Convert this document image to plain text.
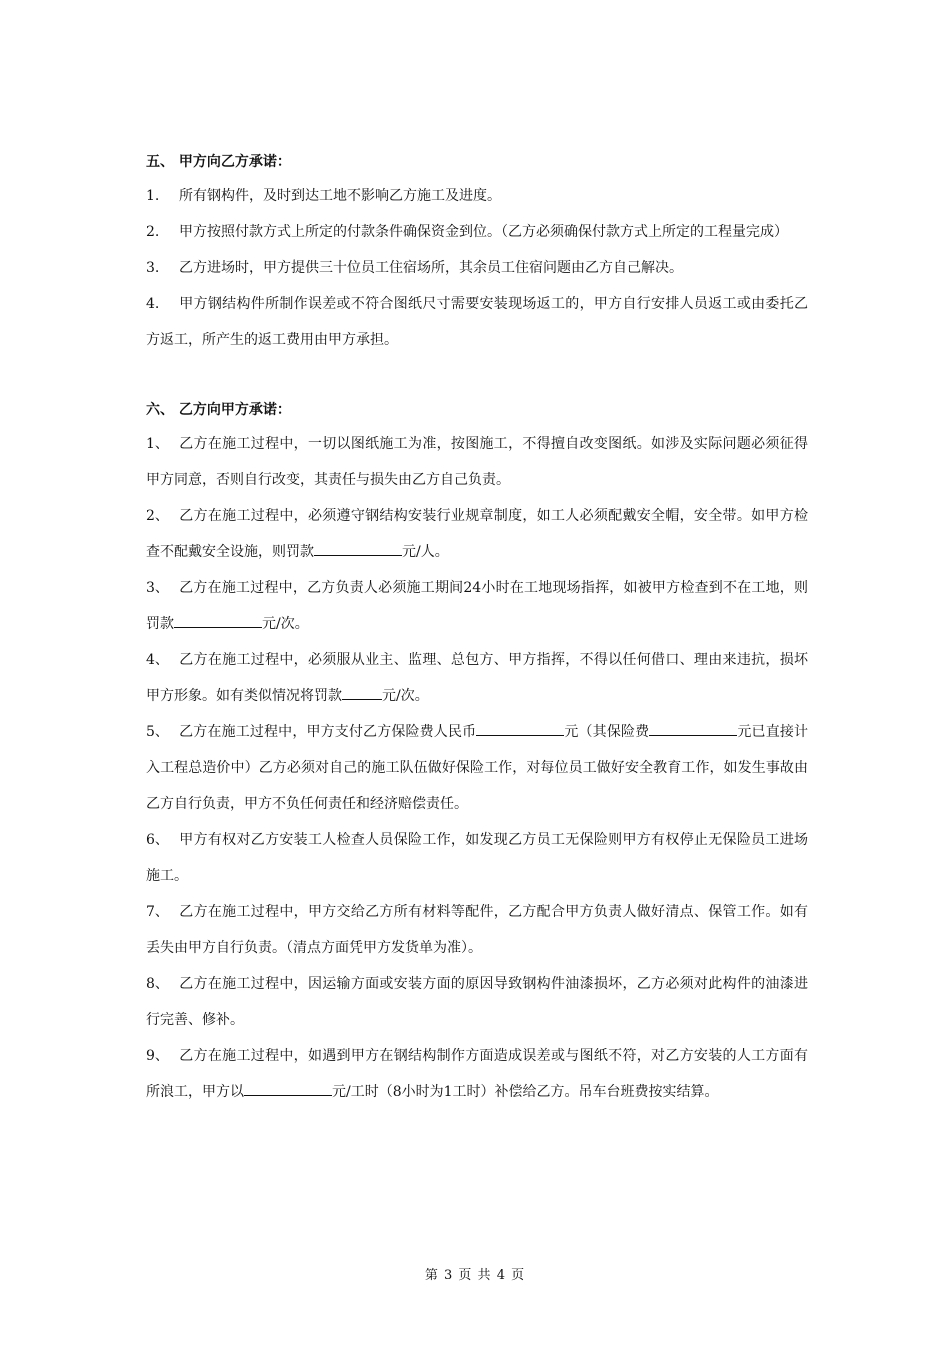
五、 甲方向乙方承诺：

1. 所有钢构件，及时到达工地不影响乙方施工及进度。

2. 甲方按照付款方式上所定的付款条件确保资金到位。（乙方必须确保付款方式上所定的工程量完成）

3. 乙方进场时，甲方提供三十位员工住宿场所，其余员工住宿问题由乙方自己解决。

4. 甲方钢结构件所制作误差或不符合图纸尺寸需要安装现场返工的，甲方自行安排人员返工或由委托乙方返工，所产生的返工费用由甲方承担。

六、 乙方向甲方承诺：

1、 乙方在施工过程中，一切以图纸施工为准，按图施工，不得擅自改变图纸。如涉及实际问题必须征得甲方同意，否则自行改变，其责任与损失由乙方自己负责。

2、 乙方在施工过程中，必须遵守钢结构安装行业规章制度，如工人必须配戴安全帽，安全带。如甲方检查不配戴安全设施，则罚款	元/人。

3、 乙方在施工过程中，乙方负责人必须施工期间24小时在工地现场指挥，如被甲方检查到不在工地，则罚款	元/次。

4、 乙方在施工过程中，必须服从业主、监理、总包方、甲方指挥，不得以任何借口、理由来违抗，损坏甲方形象。如有类似情况将罚款	元/次。

5、 乙方在施工过程中，甲方支付乙方保险费人民币	元（其保险费	元已直接计入工程总造价中）乙方必须对自己的施工队伍做好保险工作，对每位员工做好安全教育工作，如发生事故由乙方自行负责，甲方不负任何责任和经济赔偿责任。

6、 甲方有权对乙方安装工人检查人员保险工作，如发现乙方员工无保险则甲方有权停止无保险员工进场施工。

7、 乙方在施工过程中，甲方交给乙方所有材料等配件，乙方配合甲方负责人做好清点、保管工作。如有丢失由甲方自行负责。（清点方面凭甲方发货单为准）。

8、 乙方在施工过程中，因运输方面或安装方面的原因导致钢构件油漆损坏，乙方必须对此构件的油漆进行完善、修补。

9、 乙方在施工过程中，如遇到甲方在钢结构制作方面造成误差或与图纸不符，对乙方安装的人工方面有所浪工，甲方以	元/工时（8小时为1工时）补偿给乙方。吊车台班费按实结算。

第 3 页 共 4 页
